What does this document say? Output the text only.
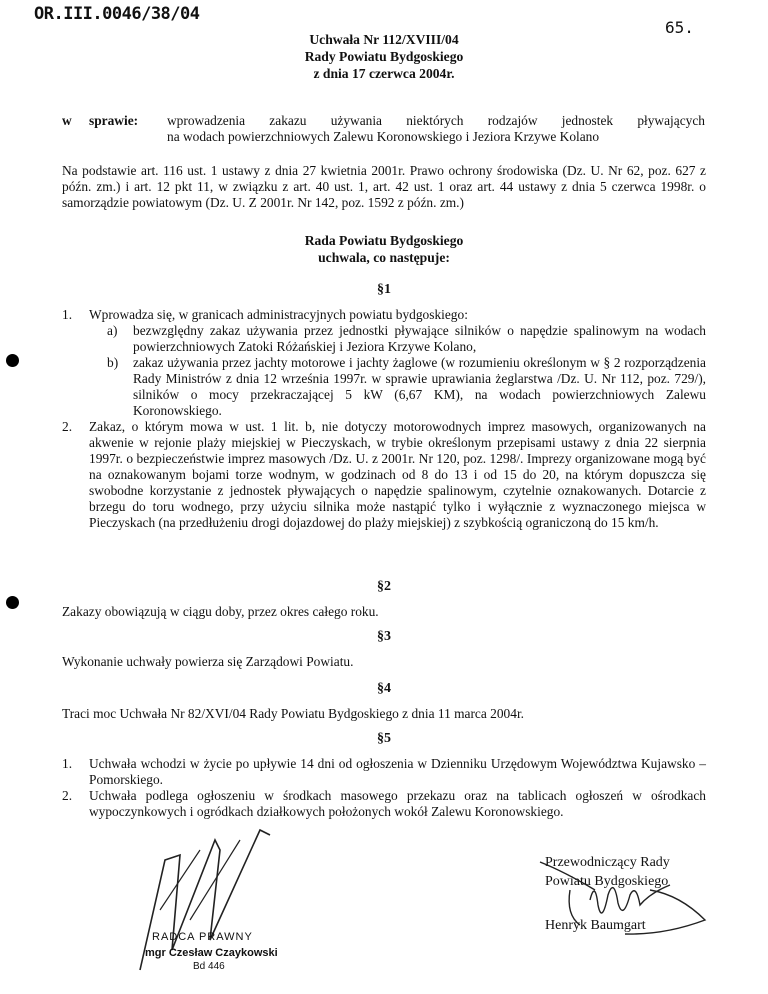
OR.III.0046/38/04
65.
Uchwała Nr 112/XVIII/04
Rady Powiatu Bydgoskiego
z dnia 17 czerwca 2004r.
w sprawie: wprowadzenia zakazu używania niektórych rodzajów jednostek pływających
na wodach powierzchniowych Zalewu Koronowskiego i Jeziora Krzywe Kolano
Na podstawie art. 116 ust. 1 ustawy z dnia 27 kwietnia 2001r. Prawo ochrony środowiska (Dz. U. Nr 62, poz. 627 z późn. zm.) i art. 12 pkt 11, w związku z art. 40 ust. 1, art. 42 ust. 1 oraz art. 44 ustawy z dnia 5 czerwca 1998r. o samorządzie powiatowym (Dz. U. Z 2001r. Nr 142, poz. 1592 z późn. zm.)
Rada Powiatu Bydgoskiego
uchwala, co następuje:
§1
1. Wprowadza się, w granicach administracyjnych powiatu bydgoskiego:
a) bezwzględny zakaz używania przez jednostki pływające silników o napędzie spalinowym na wodach powierzchniowych Zatoki Różańskiej i Jeziora Krzywe Kolano,
b) zakaz używania przez jachty motorowe i jachty żaglowe (w rozumieniu określonym w § 2 rozporządzenia Rady Ministrów z dnia 12 września 1997r. w sprawie uprawiania żeglarstwa /Dz. U. Nr 112, poz. 729/), silników o mocy przekraczającej 5 kW (6,67 KM), na wodach powierzchniowych Zalewu Koronowskiego.
2. Zakaz, o którym mowa w ust. 1 lit. b, nie dotyczy motorowodnych imprez masowych, organizowanych na akwenie w rejonie plaży miejskiej w Pieczyskach, w trybie określonym przepisami ustawy z dnia 22 sierpnia 1997r. o bezpieczeństwie imprez masowych /Dz. U. z 2001r. Nr 120, poz. 1298/. Imprezy organizowane mogą być na oznakowanym bojami torze wodnym, w godzinach od 8 do 13 i od 15 do 20, na którym dopuszcza się swobodne korzystanie z jednostek pływających o napędzie spalinowym, czytelnie oznakowanych. Dotarcie z brzegu do toru wodnego, przy użyciu silnika może nastąpić tylko i wyłącznie z wyznaczonego miejsca w Pieczyskach (na przedłużeniu drogi dojazdowej do plaży miejskiej) z szybkością ograniczoną do 15 km/h.
§2
Zakazy obowiązują w ciągu doby, przez okres całego roku.
§3
Wykonanie uchwały powierza się Zarządowi Powiatu.
§4
Traci moc Uchwała Nr 82/XVI/04 Rady Powiatu Bydgoskiego z dnia 11 marca 2004r.
§5
1. Uchwała wchodzi w życie po upływie 14 dni od ogłoszenia w Dzienniku Urzędowym Województwa Kujawsko – Pomorskiego.
2. Uchwała podlega ogłoszeniu w środkach masowego przekazu oraz na tablicach ogłoszeń w ośrodkach wypoczynkowych i ogródkach działkowych położonych wokół Zalewu Koronowskiego.
Przewodniczący Rady
Powiatu Bydgoskiego
Henryk Baumgart
RADCA PRAWNY
mgr Czesław Czaykowski
Bd 446
